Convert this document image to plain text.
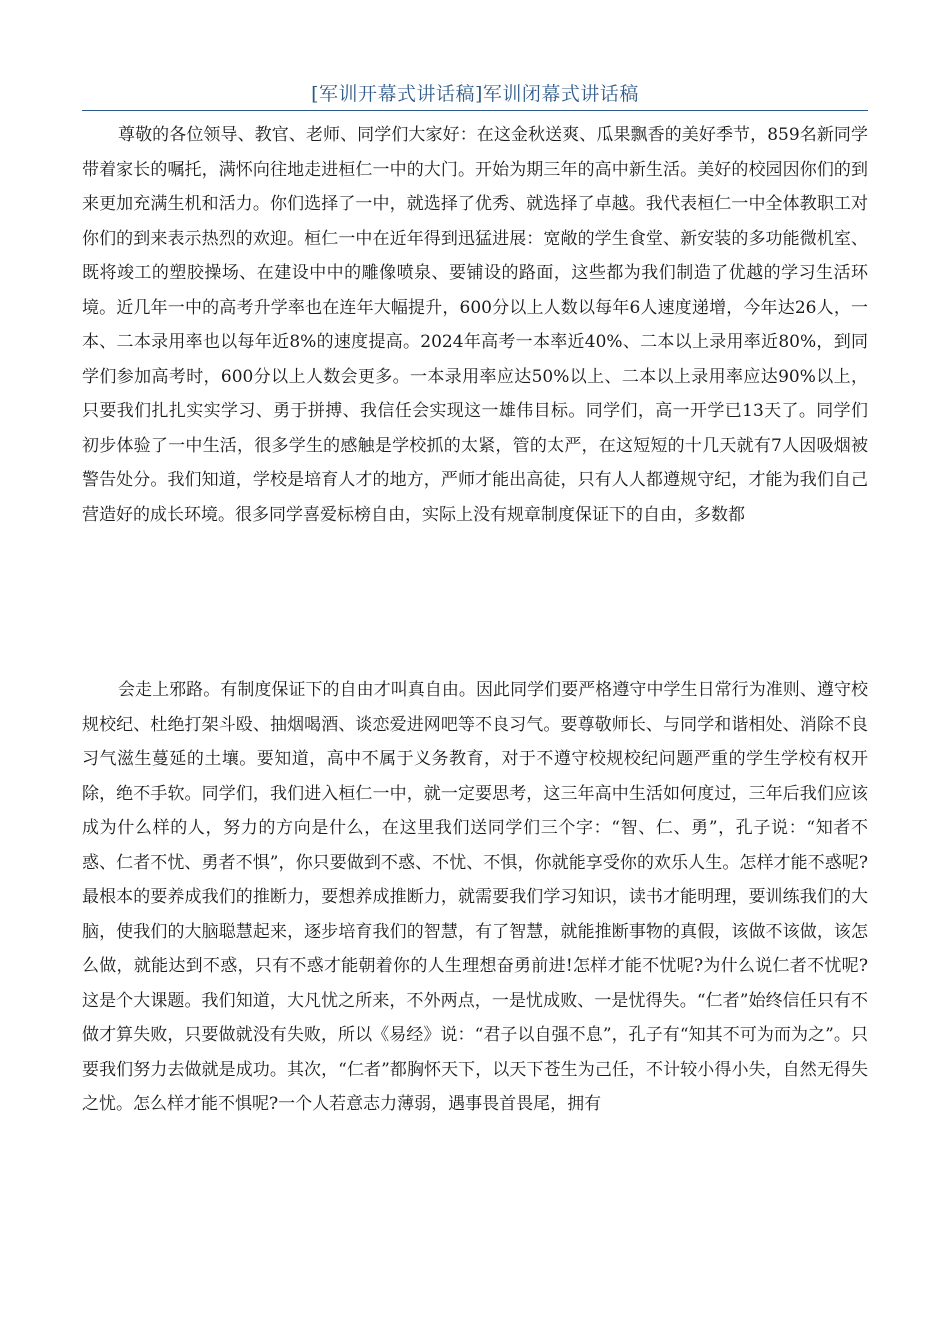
[军训开幕式讲话稿]军训闭幕式讲话稿

尊敬的各位领导、教官、老师、同学们大家好：在这金秋送爽、瓜果飘香的美好季节，859名新同学带着家长的嘱托，满怀向往地走进桓仁一中的大门。开始为期三年的高中新生活。美好的校园因你们的到来更加充满生机和活力。你们选择了一中，就选择了优秀、就选择了卓越。我代表桓仁一中全体教职工对你们的到来表示热烈的欢迎。桓仁一中在近年得到迅猛进展：宽敞的学生食堂、新安装的多功能微机室、既将竣工的塑胶操场、在建设中中的雕像喷泉、要铺设的路面，这些都为我们制造了优越的学习生活环境。近几年一中的高考升学率也在连年大幅提升，600分以上人数以每年6人速度递增，今年达26人，一本、二本录用率也以每年近8%的速度提高。2024年高考一本率近40%、二本以上录用率近80%，到同学们参加高考时，600分以上人数会更多。一本录用率应达50%以上、二本以上录用率应达90%以上，只要我们扎扎实实学习、勇于拼搏、我信任会实现这一雄伟目标。同学们，高一开学已13天了。同学们初步体验了一中生活，很多学生的感触是学校抓的太紧，管的太严，在这短短的十几天就有7人因吸烟被警告处分。我们知道，学校是培育人才的地方，严师才能出高徒，只有人人都遵规守纪，才能为我们自己营造好的成长环境。很多同学喜爱标榜自由，实际上没有规章制度保证下的自由，多数都

会走上邪路。有制度保证下的自由才叫真自由。因此同学们要严格遵守中学生日常行为准则、遵守校规校纪、杜绝打架斗殴、抽烟喝酒、谈恋爱进网吧等不良习气。要尊敬师长、与同学和谐相处、消除不良习气滋生蔓延的土壤。要知道，高中不属于义务教育，对于不遵守校规校纪问题严重的学生学校有权开除，绝不手软。同学们，我们进入桓仁一中，就一定要思考，这三年高中生活如何度过，三年后我们应该成为什么样的人，努力的方向是什么，在这里我们送同学们三个字：“智、仁、勇”，孔子说：“知者不惑、仁者不忧、勇者不惧”，你只要做到不惑、不忧、不惧，你就能享受你的欢乐人生。怎样才能不惑呢?最根本的要养成我们的推断力，要想养成推断力，就需要我们学习知识，读书才能明理，要训练我们的大脑，使我们的大脑聪慧起来，逐步培育我们的智慧，有了智慧，就能推断事物的真假，该做不该做，该怎么做，就能达到不惑，只有不惑才能朝着你的人生理想奋勇前进!怎样才能不忧呢?为什么说仁者不忧呢?这是个大课题。我们知道，大凡忧之所来，不外两点，一是忧成败、一是忧得失。“仁者”始终信任只有不做才算失败，只要做就没有失败，所以《易经》说：“君子以自强不息”，孔子有“知其不可为而为之”。只要我们努力去做就是成功。其次，“仁者”都胸怀天下，以天下苍生为己任，不计较小得小失，自然无得失之忧。怎么样才能不惧呢?一个人若意志力薄弱，遇事畏首畏尾，拥有
